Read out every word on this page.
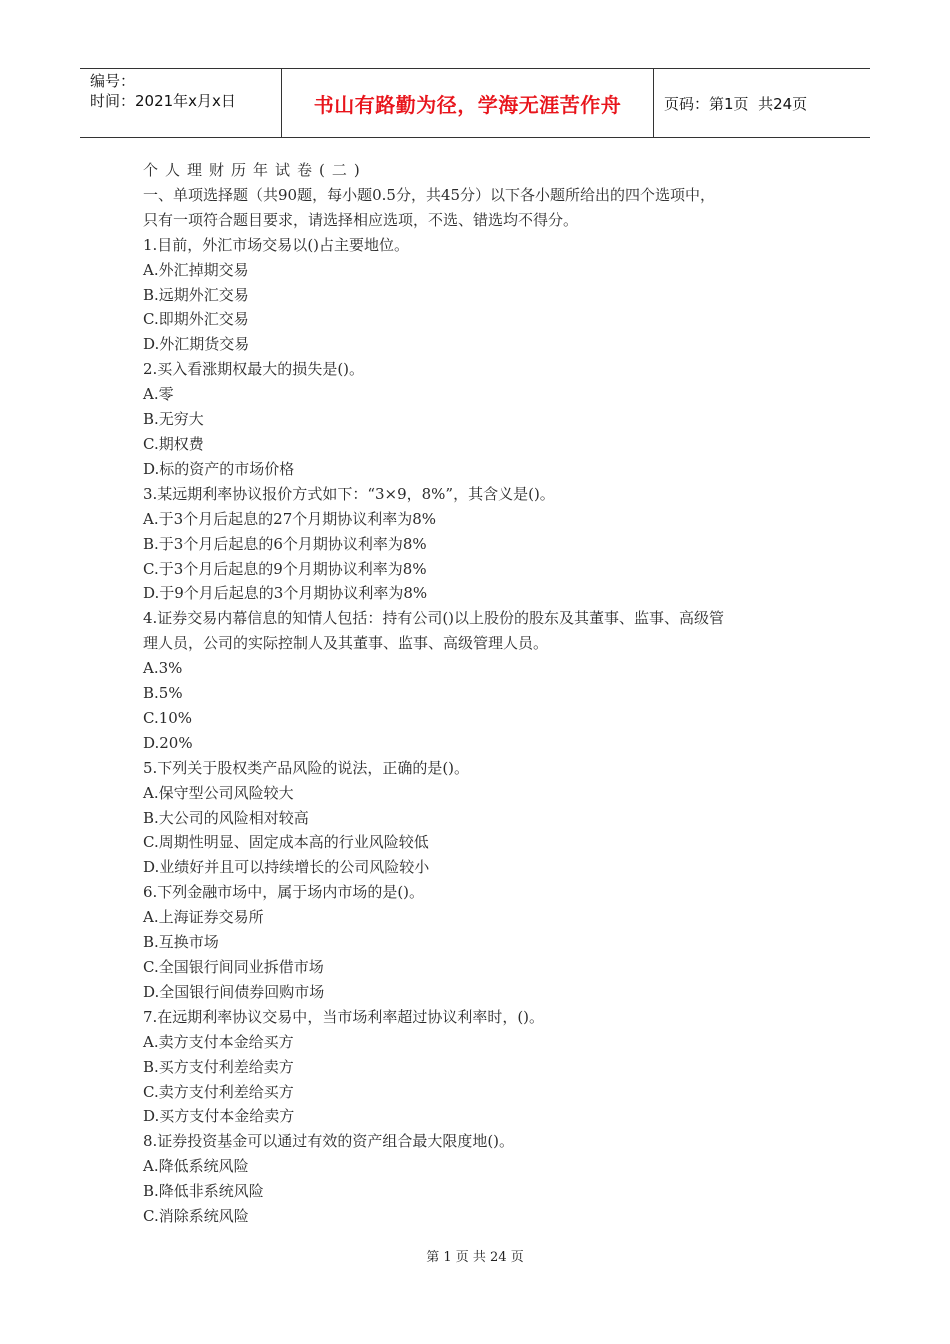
编号：
时间：2021年x月x日	书山有路勤为径，学海无涯苦作舟	页码：第1页  共24页

个人理财历年试卷(二)

一、单项选择题（共90题，每小题0.5分，共45分）以下各小题所给出的四个选项中，

只有一项符合题目要求，请选择相应选项，不选、错选均不得分。

1.目前，外汇市场交易以()占主要地位。

A.外汇掉期交易

B.远期外汇交易

C.即期外汇交易

D.外汇期货交易

2.买入看涨期权最大的损失是()。

A.零

B.无穷大

C.期权费

D.标的资产的市场价格

3.某远期利率协议报价方式如下：“3×9，8%”，其含义是()。

A.于3个月后起息的27个月期协议利率为8%

B.于3个月后起息的6个月期协议利率为8%

C.于3个月后起息的9个月期协议利率为8%

D.于9个月后起息的3个月期协议利率为8%

4.证券交易内幕信息的知情人包括：持有公司()以上股份的股东及其董事、监事、高级管

理人员，公司的实际控制人及其董事、监事、高级管理人员。

A.3%

B.5%

C.10%

D.20%

5.下列关于股权类产品风险的说法，正确的是()。

A.保守型公司风险较大

B.大公司的风险相对较高

C.周期性明显、固定成本高的行业风险较低

D.业绩好并且可以持续增长的公司风险较小

6.下列金融市场中，属于场内市场的是()。

A.上海证券交易所

B.互换市场

C.全国银行间同业拆借市场

D.全国银行间债券回购市场

7.在远期利率协议交易中，当市场利率超过协议利率时，()。

A.卖方支付本金给买方

B.买方支付利差给卖方

C.卖方支付利差给买方

D.买方支付本金给卖方

8.证券投资基金可以通过有效的资产组合最大限度地()。

A.降低系统风险

B.降低非系统风险

C.消除系统风险

第 1 页 共 24 页
